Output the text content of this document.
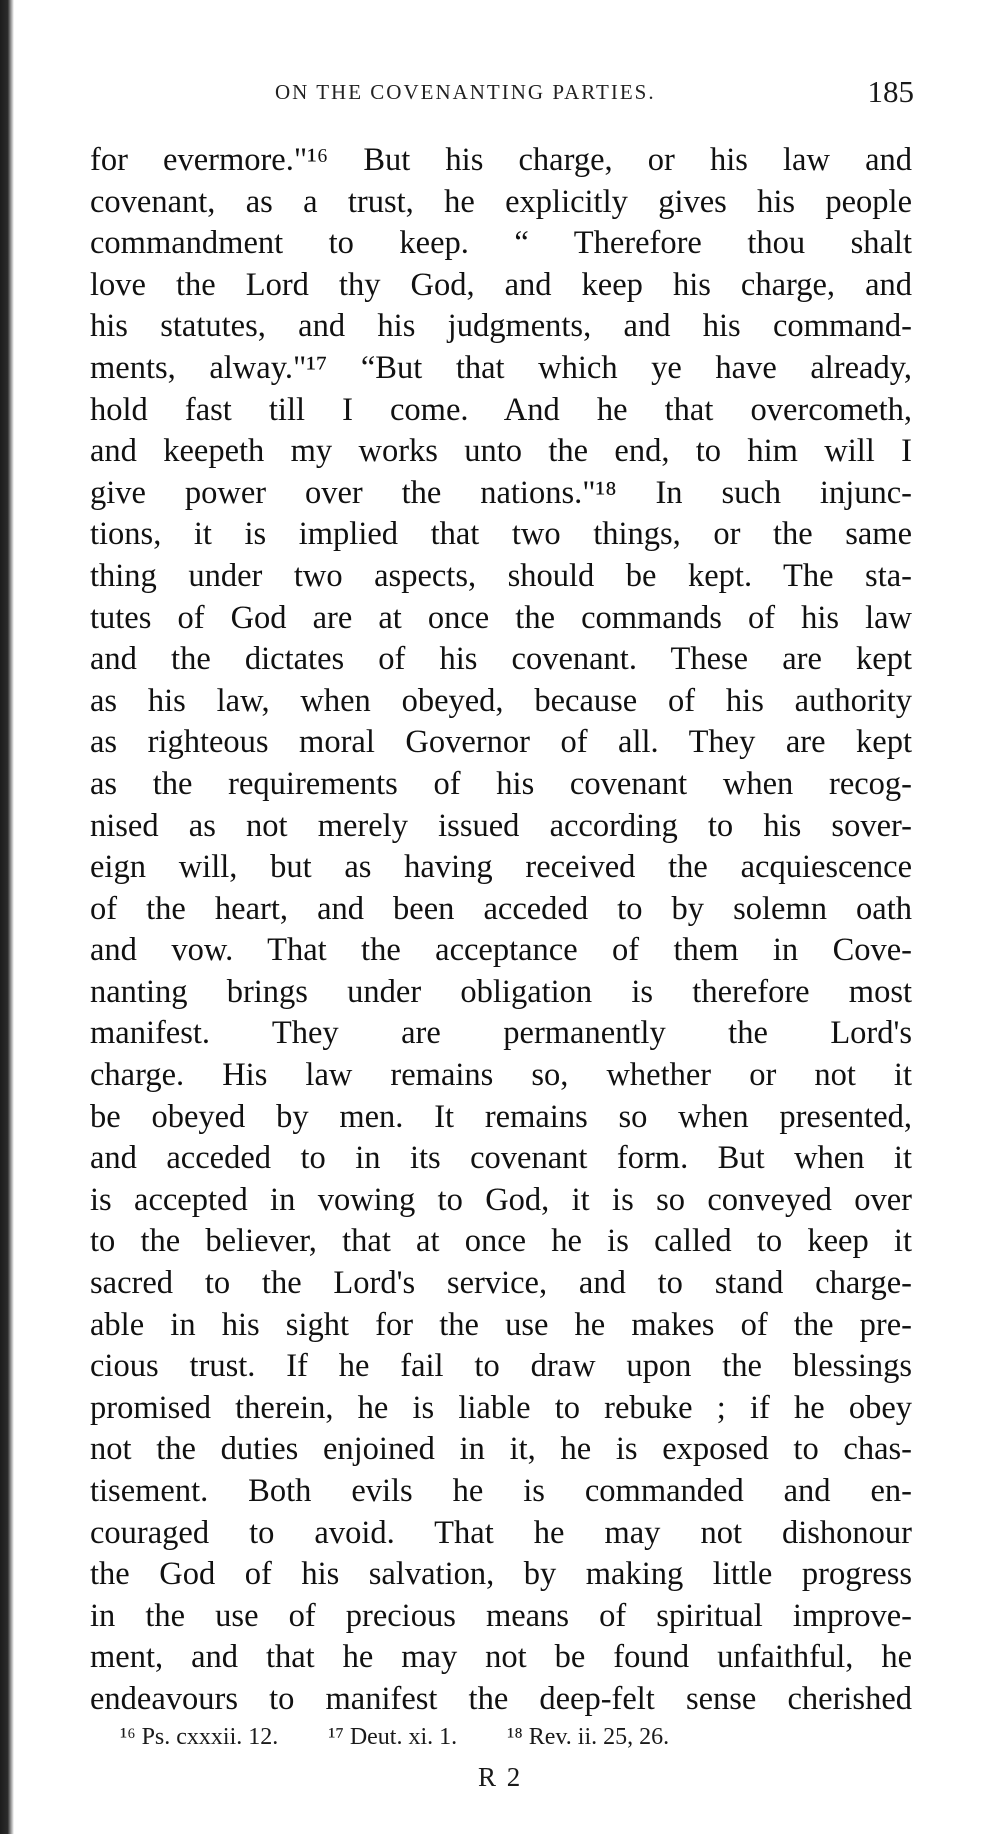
ON THE COVENANTING PARTIES.	185
for evermore."¹⁶ But his charge, or his law and
covenant, as a trust, he explicitly gives his people
commandment to keep. “ Therefore thou shalt
love the Lord thy God, and keep his charge, and
his statutes, and his judgments, and his command-
ments, alway."¹⁷ “But that which ye have already,
hold fast till I come. And he that overcometh,
and keepeth my works unto the end, to him will I
give power over the nations."¹⁸ In such injunc-
tions, it is implied that two things, or the same
thing under two aspects, should be kept. The sta-
tutes of God are at once the commands of his law
and the dictates of his covenant. These are kept
as his law, when obeyed, because of his authority
as righteous moral Governor of all. They are kept
as the requirements of his covenant when recog-
nised as not merely issued according to his sover-
eign will, but as having received the acquiescence
of the heart, and been acceded to by solemn oath
and vow. That the acceptance of them in Cove-
nanting brings under obligation is therefore most
manifest. They are permanently the Lord's
charge. His law remains so, whether or not it
be obeyed by men. It remains so when presented,
and acceded to in its covenant form. But when it
is accepted in vowing to God, it is so conveyed over
to the believer, that at once he is called to keep it
sacred to the Lord's service, and to stand charge-
able in his sight for the use he makes of the pre-
cious trust. If he fail to draw upon the blessings
promised therein, he is liable to rebuke ; if he obey
not the duties enjoined in it, he is exposed to chas-
tisement. Both evils he is commanded and en-
couraged to avoid. That he may not dishonour
the God of his salvation, by making little progress
in the use of precious means of spiritual improve-
ment, and that he may not be found unfaithful, he
endeavours to manifest the deep-felt sense cherished
¹⁶ Ps. cxxxii. 12. ¹⁷ Deut. xi. 1. ¹⁸ Rev. ii. 25, 26.
R 2
